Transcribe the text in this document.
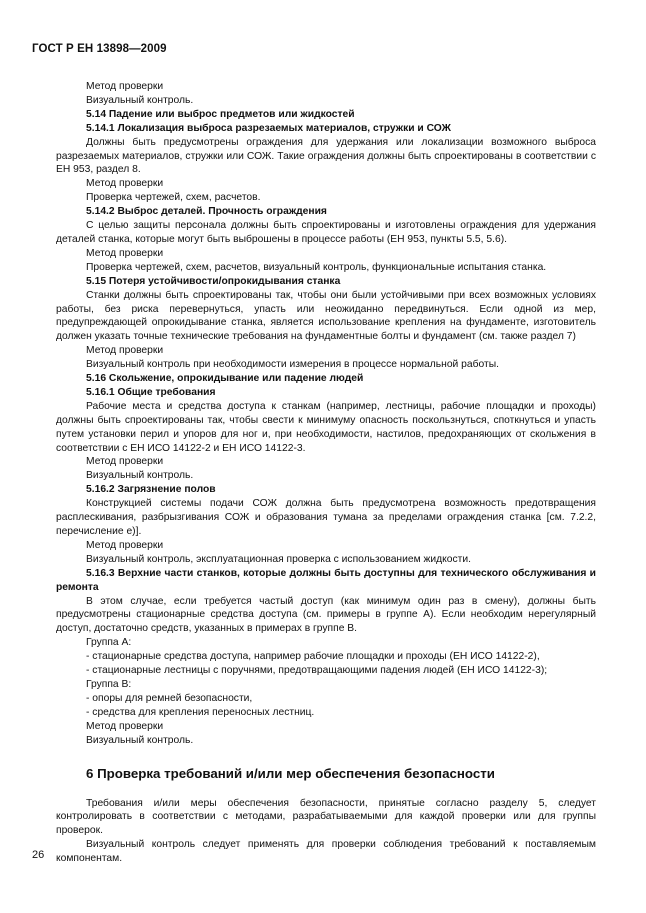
ГОСТ Р ЕН 13898—2009

Метод проверки

Визуальный контроль.

5.14 Падение или выброс предметов или жидкостей

5.14.1 Локализация выброса разрезаемых материалов, стружки и СОЖ

Должны быть предусмотрены ограждения для удержания или локализации возможного выброса разрезаемых материалов, стружки или СОЖ. Такие ограждения должны быть спроектированы в соответствии с ЕН 953, раздел 8.

Метод проверки

Проверка чертежей, схем, расчетов.

5.14.2 Выброс деталей. Прочность ограждения

С целью защиты персонала должны быть спроектированы и изготовлены ограждения для удержания деталей станка, которые могут быть выброшены в процессе работы (ЕН 953, пункты 5.5, 5.6).

Метод проверки

Проверка чертежей, схем, расчетов, визуальный контроль, функциональные испытания станка.

5.15 Потеря устойчивости/опрокидывания станка

Станки должны быть спроектированы так, чтобы они были устойчивыми при всех возможных условиях работы, без риска перевернуться, упасть или неожиданно передвинуться. Если одной из мер, предупреждающей опрокидывание станка, является использование крепления на фундаменте, изготовитель должен указать точные технические требования на фундаментные болты и фундамент (см. также раздел 7)

Метод проверки

Визуальный контроль при необходимости измерения в процессе нормальной работы.

5.16 Скольжение, опрокидывание или падение людей

5.16.1 Общие требования

Рабочие места и средства доступа к станкам (например, лестницы, рабочие площадки и проходы) должны быть спроектированы так, чтобы свести к минимуму опасность поскользнуться, споткнуться и упасть путем установки перил и упоров для ног и, при необходимости, настилов, предохраняющих от скольжения в соответствии с ЕН ИСО 14122-2 и ЕН ИСО 14122-3.

Метод проверки

Визуальный контроль.

5.16.2 Загрязнение полов

Конструкцией системы подачи СОЖ должна быть предусмотрена возможность предотвращения расплескивания, разбрызгивания СОЖ и образования тумана за пределами ограждения станка [см. 7.2.2, перечисление е)].

Метод проверки

Визуальный контроль, эксплуатационная проверка с использованием жидкости.

5.16.3 Верхние части станков, которые должны быть доступны для технического обслуживания и ремонта

В этом случае, если требуется частый доступ (как минимум один раз в смену), должны быть предусмотрены стационарные средства доступа (см. примеры в группе А). Если необходим нерегулярный доступ, достаточно средств, указанных в примерах в группе В.

Группа А:

- стационарные средства доступа, например рабочие площадки и проходы (ЕН ИСО 14122-2),

- стационарные лестницы с поручнями, предотвращающими падения людей (ЕН ИСО 14122-3);

Группа В:

- опоры для ремней безопасности,

- средства для крепления переносных лестниц.

Метод проверки

Визуальный контроль.

6 Проверка требований и/или мер обеспечения безопасности

Требования и/или меры обеспечения безопасности, принятые согласно разделу 5, следует контролировать в соответствии с методами, разрабатываемыми для каждой проверки или для группы проверок.

Визуальный контроль следует применять для проверки соблюдения требований к поставляемым компонентам.

26
